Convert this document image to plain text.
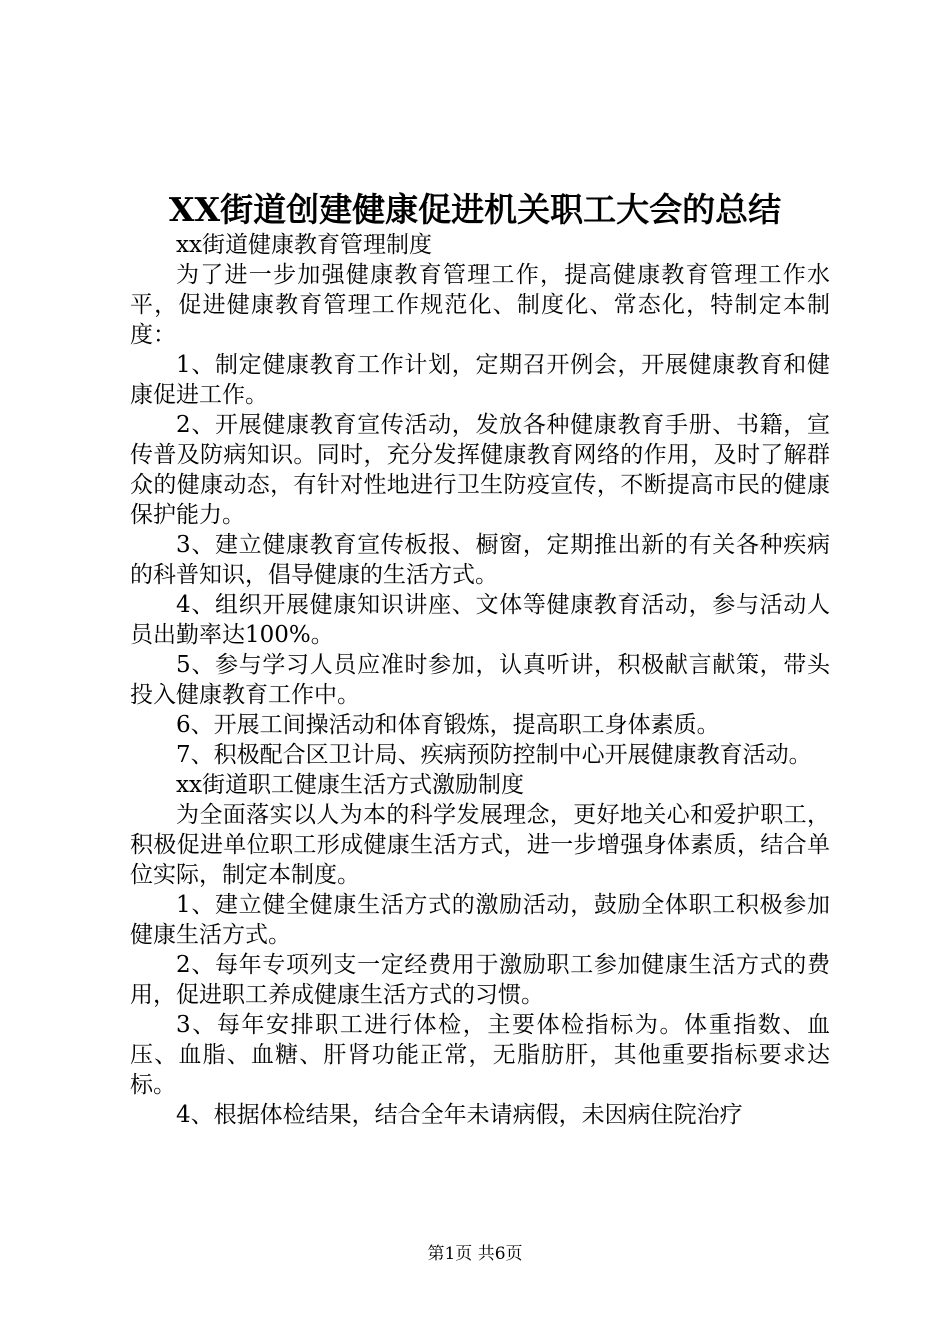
XX街道创建健康促进机关职工大会的总结

xx街道健康教育管理制度

为了进一步加强健康教育管理工作，提高健康教育管理工作水平，促进健康教育管理工作规范化、制度化、常态化，特制定本制度：

1、制定健康教育工作计划，定期召开例会，开展健康教育和健康促进工作。

2、开展健康教育宣传活动，发放各种健康教育手册、书籍，宣传普及防病知识。同时，充分发挥健康教育网络的作用，及时了解群众的健康动态，有针对性地进行卫生防疫宣传，不断提高市民的健康保护能力。

3、建立健康教育宣传板报、橱窗，定期推出新的有关各种疾病的科普知识，倡导健康的生活方式。

4、组织开展健康知识讲座、文体等健康教育活动，参与活动人员出勤率达100%。

5、参与学习人员应准时参加，认真听讲，积极献言献策，带头投入健康教育工作中。

6、开展工间操活动和体育锻炼，提高职工身体素质。

7、积极配合区卫计局、疾病预防控制中心开展健康教育活动。

xx街道职工健康生活方式激励制度

为全面落实以人为本的科学发展理念，更好地关心和爱护职工，积极促进单位职工形成健康生活方式，进一步增强身体素质，结合单位实际，制定本制度。

1、建立健全健康生活方式的激励活动，鼓励全体职工积极参加健康生活方式。

2、每年专项列支一定经费用于激励职工参加健康生活方式的费用，促进职工养成健康生活方式的习惯。

3、每年安排职工进行体检，主要体检指标为。体重指数、血压、血脂、血糖、肝肾功能正常，无脂肪肝，其他重要指标要求达标。

4、根据体检结果，结合全年未请病假，未因病住院治疗

第1页 共6页
